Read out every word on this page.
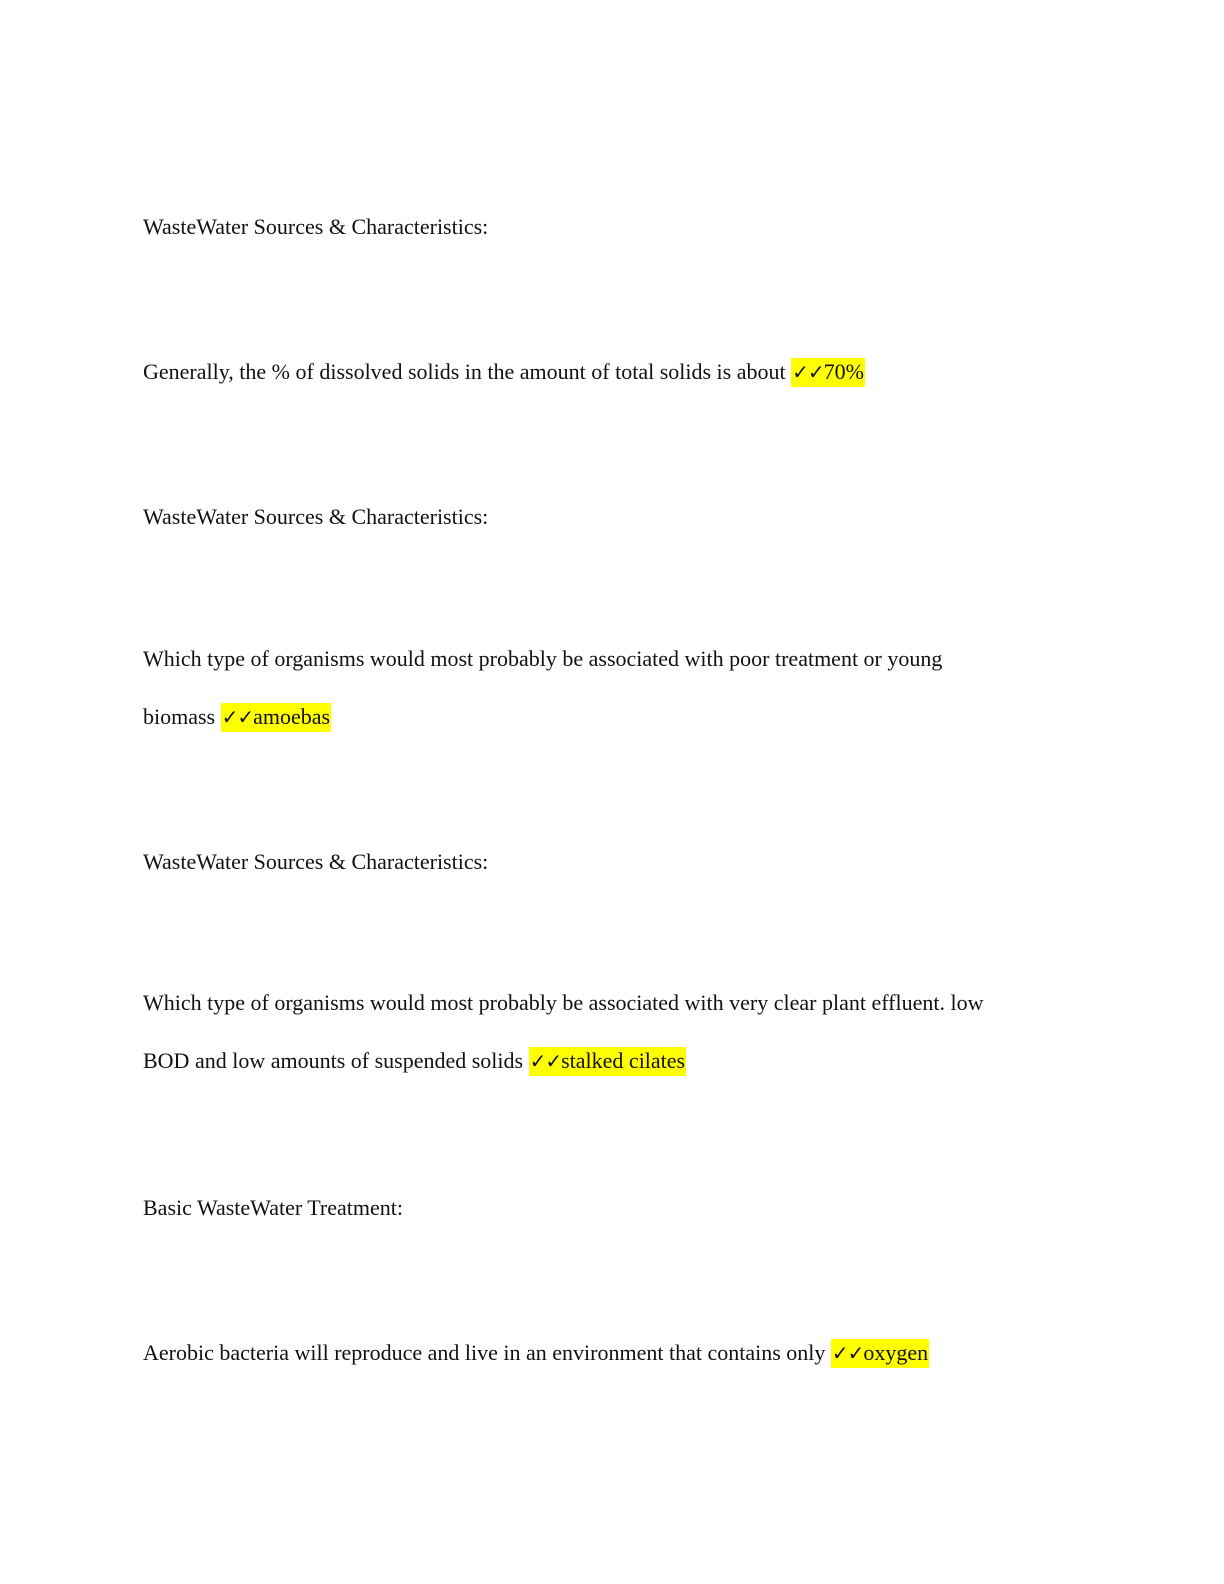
WasteWater Sources & Characteristics:
Generally, the % of dissolved solids in the amount of total solids is about ✓✓70%
WasteWater Sources & Characteristics:
Which type of organisms would most probably be associated with poor treatment or young
biomass ✓✓amoebas
WasteWater Sources & Characteristics:
Which type of organisms would most probably be associated with very clear plant effluent. low
BOD and low amounts of suspended solids ✓✓stalked cilates
Basic WasteWater Treatment:
Aerobic bacteria will reproduce and live in an environment that contains only ✓✓oxygen
